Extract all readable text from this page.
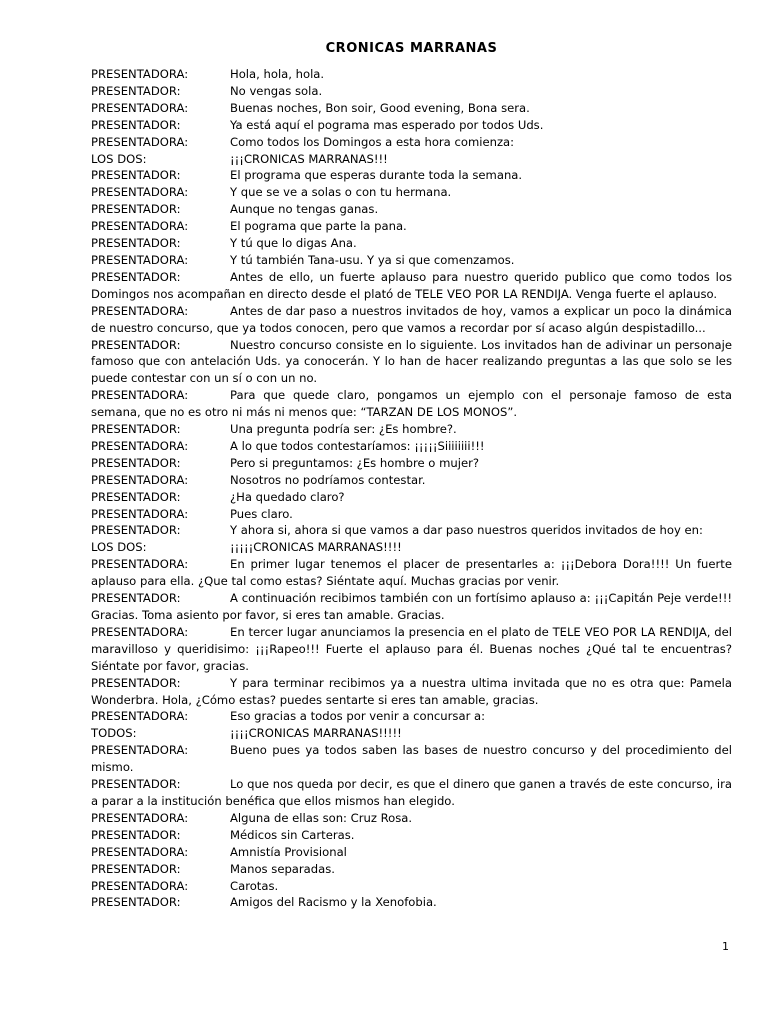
CRONICAS MARRANAS
PRESENTADORA:	Hola, hola, hola.
PRESENTADOR:	No vengas sola.
PRESENTADORA:	Buenas noches, Bon soir, Good evening, Bona sera.
PRESENTADOR:	Ya está aquí el pograma mas esperado por todos Uds.
PRESENTADORA:	Como todos los Domingos a esta hora comienza:
LOS DOS:	¡¡¡CRONICAS MARRANAS!!!
PRESENTADOR:	El programa que esperas durante toda la semana.
PRESENTADORA:	Y que se ve a solas o con tu hermana.
PRESENTADOR:	Aunque no tengas ganas.
PRESENTADORA:	El pograma que parte la pana.
PRESENTADOR:	Y tú que lo digas Ana.
PRESENTADORA:	Y tú también Tana-usu. Y ya si que comenzamos.
PRESENTADOR:	Antes de ello, un fuerte aplauso para nuestro querido publico que como todos los Domingos nos acompañan en directo desde el plató de TELE VEO POR LA RENDIJA. Venga fuerte el aplauso.
PRESENTADORA:	Antes de dar paso a nuestros invitados de hoy, vamos a explicar un poco la dinámica de nuestro concurso, que ya todos conocen, pero que vamos a recordar por sí acaso algún despistadillo...
PRESENTADOR:	Nuestro concurso consiste en lo siguiente. Los invitados han de adivinar un personaje famoso que con antelación Uds. ya conocerán. Y lo han de hacer realizando preguntas a las que solo se les puede contestar con un sí o con un no.
PRESENTADORA:	Para que quede claro, pongamos un ejemplo con el personaje famoso de esta semana, que no es otro ni más ni menos que: “TARZAN DE LOS MONOS”.
PRESENTADOR:	Una pregunta podría ser: ¿Es hombre?.
PRESENTADORA:	A lo que todos contestaríamos: ¡¡¡¡¡Siiiiiiii!!!
PRESENTADOR:	Pero si preguntamos: ¿Es hombre o mujer?
PRESENTADORA:	Nosotros no podríamos contestar.
PRESENTADOR:	¿Ha quedado claro?
PRESENTADORA:	Pues claro.
PRESENTADOR:	Y ahora si, ahora si que vamos a dar paso nuestros queridos invitados de hoy en:
LOS DOS:	¡¡¡¡¡CRONICAS MARRANAS!!!!
PRESENTADORA:	En primer lugar tenemos el placer de presentarles a: ¡¡¡Debora Dora!!!! Un fuerte aplauso para ella. ¿Que tal como estas? Siéntate aquí. Muchas gracias por venir.
PRESENTADOR:	A continuación recibimos también con un fortísimo aplauso a: ¡¡¡Capitán Peje verde!!! Gracias. Toma asiento por favor, si eres tan amable. Gracias.
PRESENTADORA:	En tercer lugar anunciamos la presencia en el plato de TELE VEO POR LA RENDIJA, del maravilloso y queridisimo: ¡¡¡Rapeo!!! Fuerte el aplauso para él. Buenas noches ¿Qué tal te encuentras? Siéntate por favor, gracias.
PRESENTADOR:	Y para terminar recibimos ya a nuestra ultima invitada que no es otra que: Pamela Wonderbra. Hola, ¿Cómo estas? puedes sentarte si eres tan amable, gracias.
PRESENTADORA:	Eso gracias a todos por venir a concursar a:
TODOS:	¡¡¡¡CRONICAS MARRANAS!!!!!
PRESENTADORA:	Bueno pues ya todos saben las bases de nuestro concurso y del procedimiento del mismo.
PRESENTADOR:	Lo que nos queda por decir, es que el dinero que ganen a través de este concurso, ira a parar a la institución benéfica que ellos mismos han elegido.
PRESENTADORA:	Alguna de ellas son: Cruz Rosa.
PRESENTADOR:	Médicos sin Carteras.
PRESENTADORA:	Amnistía Provisional
PRESENTADOR:	Manos separadas.
PRESENTADORA:	Carotas.
PRESENTADOR:	Amigos del Racismo y la Xenofobia.
1
